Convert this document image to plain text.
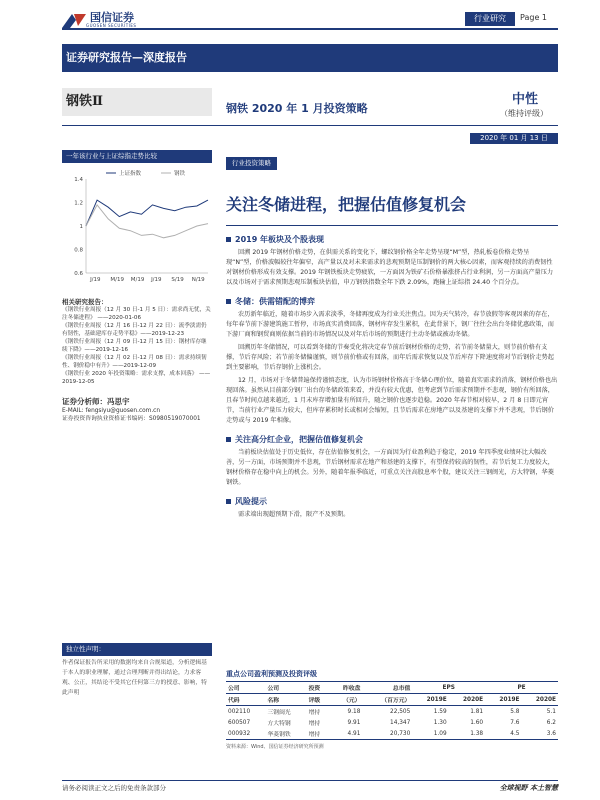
国信证券
GUOSEN SECURITIES
行业研究	Page 1
证券研究报告—深度报告
钢铁Ⅱ	钢铁 2020 年 1 月投资策略
中性
（维持评级）
2020 年 01 月 13 日
一年该行业与上证综指走势比较
1.4
1.2
1
0.8
0.6
J/19 M/19 M/19 J/19 S/19 N/19
上证指数	钢铁
相关研究报告：
《钢铁行业周报（12 月 30 日-1 月 5 日）：需求尚无忧，关注冬储进程》 ——2020-01-06
《钢铁行业周报（12 月 16 日-12 月 22 日）：流季淡需仍有韧性，基础建库存走势平稳》——2019-12-23
《钢铁行业周报（12 月 09 日-12 月 15 日）：钢材库存继续下降》——2019-12-16
《钢铁行业周报（12 月 02 日-12 月 08 日）：需求持续韧性、钢价稳中有升》——2019-12-09
《钢铁行业 2020 年投资策略：需求支撑，成本回落》 ——2019-12-05
证券分析师：冯思宇
E-MAIL: fengsiyu@guosen.com.cn
证券投资咨询执业资格证书编码：S0980519070001
独立性声明：
作者保证报告所采用的数据均来自合规渠道，分析逻辑基于本人的职业理解，通过合理判断并得出结论，力求客观、公正，其结论不受其它任何第三方的授意、影响，特此声明
行业投资策略
关注冬储进程，把握估值修复机会
2019 年板块及个股表现
回溯 2019 年钢材价格走势，在供需关系的变化下，螺纹钢价格全年走势呈现“M”型，热轧板卷价格走势呈现“N”型，价格波幅较往年偏窄，高产量以及对未来需求的悲观预期是压制钢价的两大核心因素，而客观持续的消费韧性对钢材价格形成有效支撑。2019 年钢铁板块走势疲软，一方面因为铁矿石价格暴涨挤占行业利润，另一方面高产量压力以及市场对于需求预期悲观压制板块估值，申万钢铁指数全年下跌 2.09%，跑输上证综指 24.40 个百分点。
冬储：供需错配的博弈
农历新年临近，随着市场步入需求淡季，冬储再度成为行业关注焦点。因为天气转冷，春节放假等客观因素的存在，每年春节前下游建筑施工暂停，市场真实消费回落，钢材库存发生累积，在此背景下，钢厂往往会出台冬储优惠政策，而下游厂商和钢贸商则依据当前的市场情况以及对年后市场的预期进行主动冬储或被动冬储。
回溯历年冬储情况，可以看到冬储的节奏受化将决定春节前后钢材价格的走势，若节前冬储量大，则节前价格有支撑，节后存风险；若节前冬储偏谨慎，则节前价格或有回落，而年后需求恢复以及节后库存下降速度将对节后钢价走势起到主要影响，节后存钢价上涨机会。
12 月，市场对于冬储普遍保持谨慎态度，认为市场钢材价格高于冬储心理价位，随着真实需求的消落，钢材价格也出现回落。虽然从目前部分钢厂出台的冬储政策来看，并没有较大优惠，但考虑到节后需求预期并不悲观，钢价有所回落，且春节时间点越来越近，1 月末库存增加量有所回升，随之钢价也逐步趋稳。2020 年春节相对较早，2 月 8 日即元宵节，当前行业产量压力较大，但库存累积时长或相对会缩短，且节后需求在房地产以及基建的支撑下并不悲观，节后钢价走势或与 2019 年相像。
关注高分红企业，把握估值修复机会
当前板块估值处于历史低位，存在估值修复机会，一方面因为行业盈利趋于稳定，2019 年四季度业绩环比大幅改善，另一方面，市场预期并不悲观，节后钢材需求在地产和基建的支撑下，有望保持较高的韧性，若节后复工力度较大，钢材价格存在稳中向上的机会。另外，随着年报季临近，可重点关注高股息率个股，建议关注三钢闽光，方大特钢，华菱钢铁。
风险提示
需求端出现超预期下滑，限产不及预期。
重点公司盈利预测及投资评级
公司	公司	投资	昨收盘	总市值	EPS		PE	
代码	名称	评级	（元）	（百万元）	2019E	2020E	2019E	2020E
002110	三钢闽光	增持	9.18	22,505	1.59	1.81	5.8	5.1
600507	方大特钢	增持	9.91	14,347	1.30	1.60	7.6	6.2
000932	华菱钢铁	增持	4.91	20,730	1.09	1.38	4.5	3.6
资料来源：Wind、国信证券经济研究所预测
请务必阅读正文之后的免责条款部分	全球视野 本土智慧
